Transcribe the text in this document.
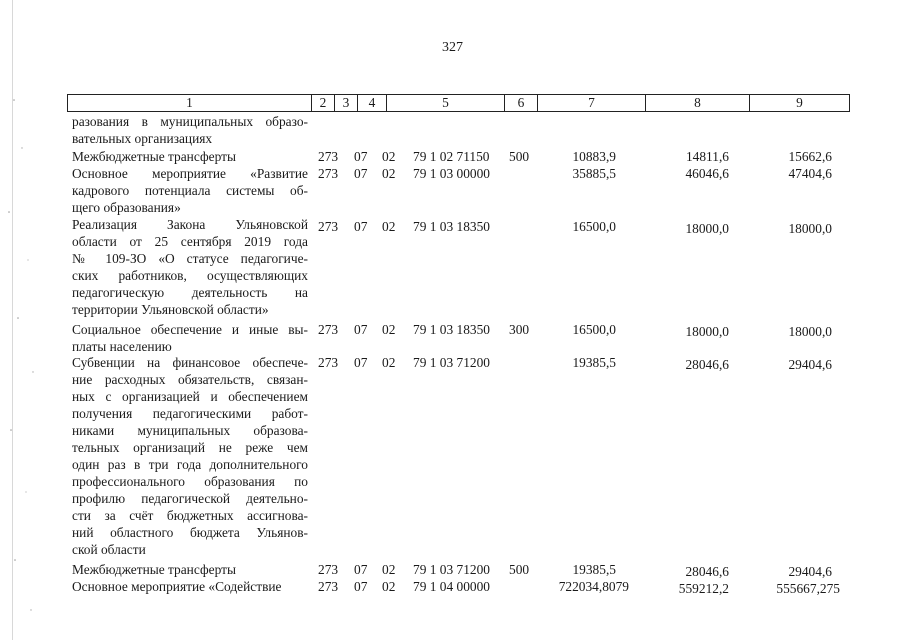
327
1	2	3	4	5	6	7	8	9
разования в муниципальных образо-
вательных организациях
Межбюджетные трансферты	273 07 02 79 1 02 71150 500	10883,9	14811,6	15662,6
Основное мероприятие «Развитие
кадрового потенциала системы об-
щего образования»
273 07 02 79 1 03 00000	35885,5	46046,6	47404,6
Реализация Закона Ульяновской
области от 25 сентября 2019 года
№ 109-ЗО «О статусе педагогиче-
ских работников, осуществляющих
педагогическую деятельность на
территории Ульяновской области»
273 07 02 79 1 03 18350	16500,0	18000,0	18000,0
Социальное обеспечение и иные вы-
платы населению
273 07 02 79 1 03 18350 300	16500,0	18000,0	18000,0
Субвенции на финансовое обеспече-
ние расходных обязательств, связан-
ных с организацией и обеспечением
получения педагогическими работ-
никами муниципальных образова-
тельных организаций не реже чем
один раз в три года дополнительного
профессионального образования по
профилю педагогической деятельно-
сти за счёт бюджетных ассигнова-
ний областного бюджета Ульянов-
ской области
273 07 02 79 1 03 71200	19385,5	28046,6	29404,6
Межбюджетные трансферты	273 07 02 79 1 03 71200 500	19385,5	28046,6	29404,6
Основное мероприятие «Содействие	273 07 02 79 1 04 00000	722034,8079	559212,2	555667,275
